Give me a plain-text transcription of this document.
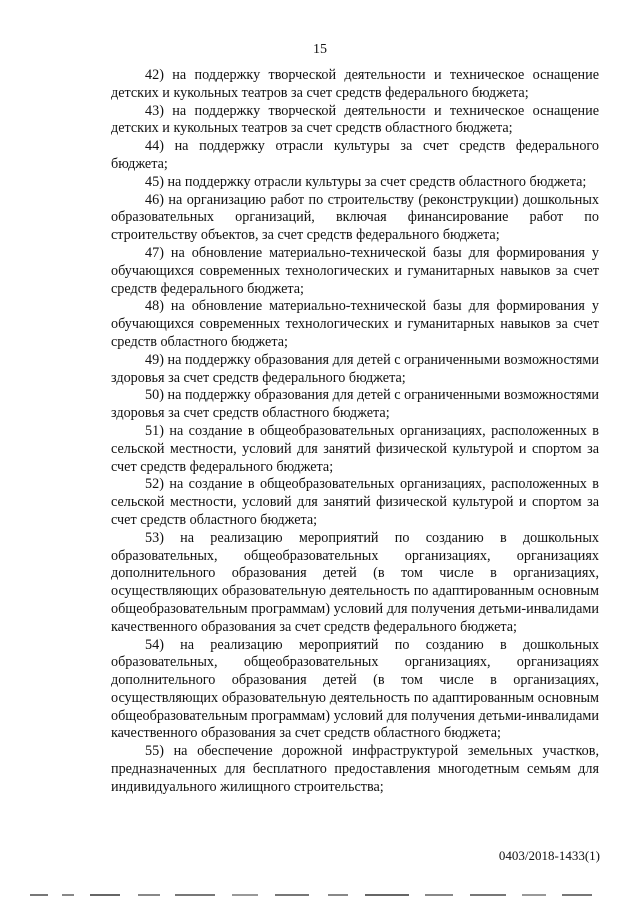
15

42) на поддержку творческой деятельности и техническое оснащение детских и кукольных театров за счет средств федерального бюджета;

43) на поддержку творческой деятельности и техническое оснащение детских и кукольных театров за счет средств областного бюджета;

44) на поддержку отрасли культуры за счет средств федерального бюджета;

45) на поддержку отрасли культуры за счет средств областного бюджета;

46) на организацию работ по строительству (реконструкции) дошкольных образовательных организаций, включая финансирование работ по строительству объектов, за счет средств федерального бюджета;

47) на обновление материально-технической базы для формирования у обучающихся современных технологических и гуманитарных навыков за счет средств федерального бюджета;

48) на обновление материально-технической базы для формирования у обучающихся современных технологических и гуманитарных навыков за счет средств областного бюджета;

49) на поддержку образования для детей с ограниченными возможностями здоровья за счет средств федерального бюджета;

50) на поддержку образования для детей с ограниченными возможностями здоровья за счет средств областного бюджета;

51) на создание в общеобразовательных организациях, расположенных в сельской местности, условий для занятий физической культурой и спортом за счет средств федерального бюджета;

52) на создание в общеобразовательных организациях, расположенных в сельской местности, условий для занятий физической культурой и спортом за счет средств областного бюджета;

53) на реализацию мероприятий по созданию в дошкольных образовательных, общеобразовательных организациях, организациях дополнительного образования детей (в том числе в организациях, осуществляющих образовательную деятельность по адаптированным основным общеобразовательным программам) условий для получения детьми-инвалидами качественного образования за счет средств федерального бюджета;

54) на реализацию мероприятий по созданию в дошкольных образовательных, общеобразовательных организациях, организациях дополнительного образования детей (в том числе в организациях, осуществляющих образовательную деятельность по адаптированным основным общеобразовательным программам) условий для получения детьми-инвалидами качественного образования за счет средств областного бюджета;

55) на обеспечение дорожной инфраструктурой земельных участков, предназначенных для бесплатного предоставления многодетным семьям для индивидуального жилищного строительства;

0403/2018-1433(1)
